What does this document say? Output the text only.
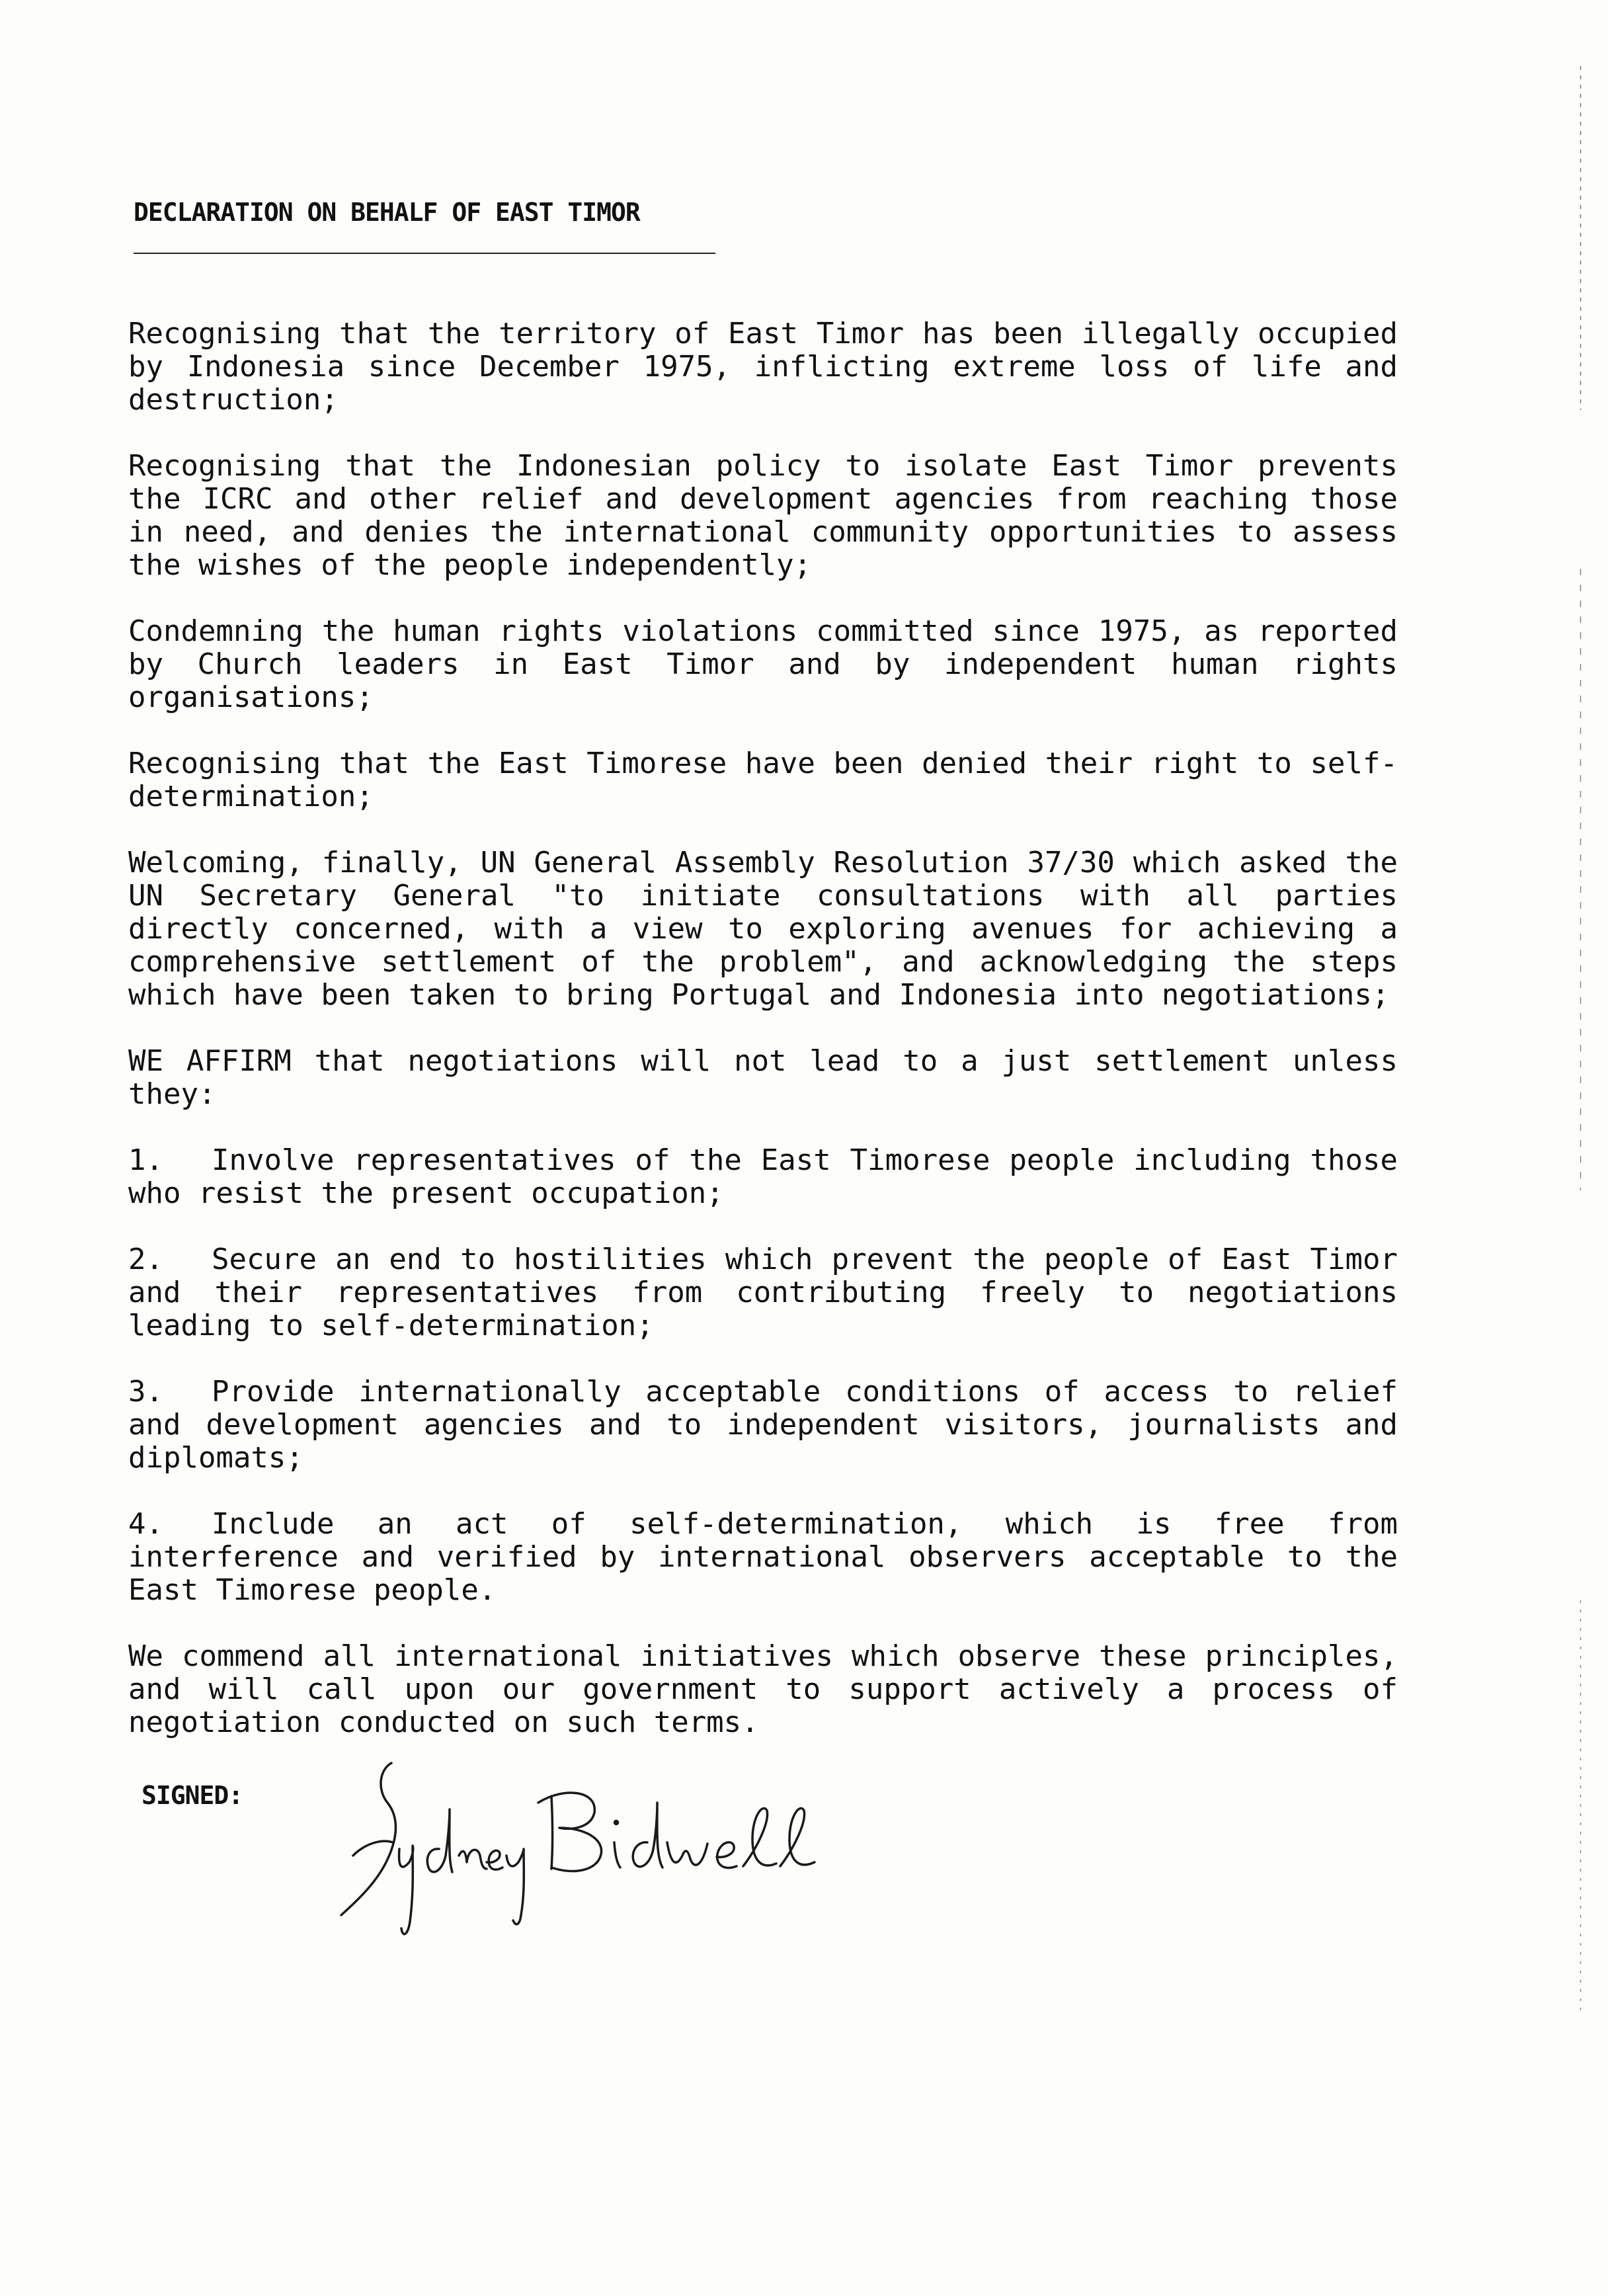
DECLARATION ON BEHALF OF EAST TIMOR

Recognising that the territory of East Timor has been illegally occupied by Indonesia since December 1975, inflicting extreme loss of life and destruction;

Recognising that the Indonesian policy to isolate East Timor prevents the ICRC and other relief and development agencies from reaching those in need, and denies the international community opportunities to assess the wishes of the people independently;

Condemning the human rights violations committed since 1975, as reported by Church leaders in East Timor and by independent human rights organisations;

Recognising that the East Timorese have been denied their right to self-determination;

Welcoming, finally, UN General Assembly Resolution 37/30 which asked the UN Secretary General "to initiate consultations with all parties directly concerned, with a view to exploring avenues for achieving a comprehensive settlement of the problem", and acknowledging the steps which have been taken to bring Portugal and Indonesia into negotiations;

WE AFFIRM that negotiations will not lead to a just settlement unless they:

1. Involve representatives of the East Timorese people including those who resist the present occupation;

2. Secure an end to hostilities which prevent the people of East Timor and their representatives from contributing freely to negotiations leading to self-determination;

3. Provide internationally acceptable conditions of access to relief and development agencies and to independent visitors, journalists and diplomats;

4. Include an act of self-determination, which is free from interference and verified by international observers acceptable to the East Timorese people.

We commend all international initiatives which observe these principles, and will call upon our government to support actively a process of negotiation conducted on such terms.

SIGNED:
